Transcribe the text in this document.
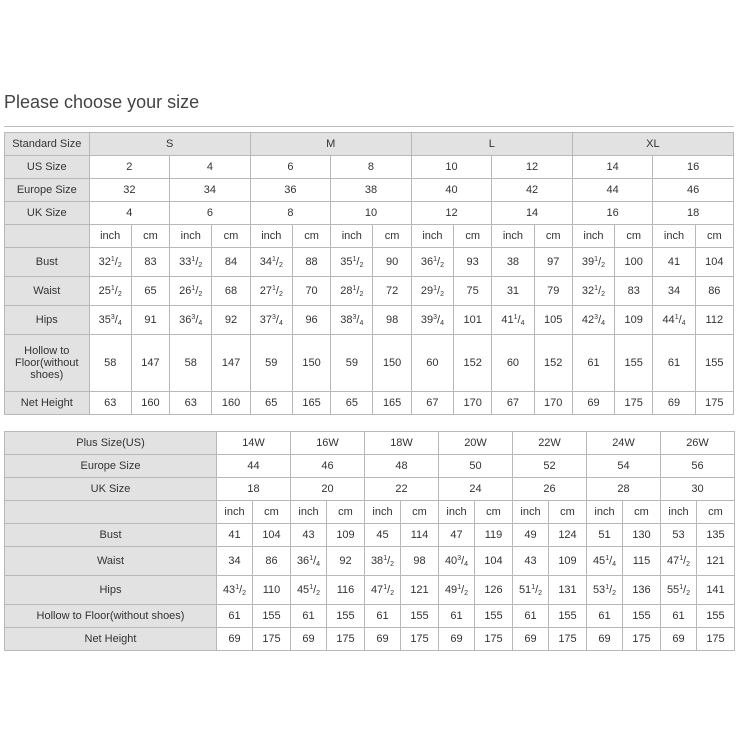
Please choose your size
Standard Size	S				M				L				XL			
US Size	2		4		6		8		10		12		14		16	
Europe Size	32		34		36		38		40		42		44		46	
UK Size	4		6		8		10		12		14		16		18	
	inch	cm	inch	cm	inch	cm	inch	cm	inch	cm	inch	cm	inch	cm	inch	cm
Bust	$32^1/_2$	83	$33^1/_2$	84	$34^1/_2$	88	$35^1/_2$	90	$36^1/_2$	93	38	97	$39^1/_2$	100	41	104
Waist	$25^1/_2$	65	$26^1/_2$	68	$27^1/_2$	70	$28^1/_2$	72	$29^1/_2$	75	31	79	$32^1/_2$	83	34	86
Hips	$35^3/_4$	91	$36^3/_4$	92	$37^3/_4$	96	$38^3/_4$	98	$39^3/_4$	101	$41^1/_4$	105	$42^3/_4$	109	$44^1/_4$	112
Hollow to Floor(without shoes)	58	147	58	147	59	150	59	150	60	152	60	152	61	155	61	155
Net Height	63	160	63	160	65	165	65	165	67	170	67	170	69	175	69	175
Plus Size(US)	14W		16W		18W		20W		22W		24W		26W	
Europe Size	44		46		48		50		52		54		56	
UK Size	18		20		22		24		26		28		30	
	inch	cm	inch	cm	inch	cm	inch	cm	inch	cm	inch	cm	inch	cm
Bust	41	104	43	109	45	114	47	119	49	124	51	130	53	135
Waist	34	86	$36^1/_4$	92	$38^1/_2$	98	$40^3/_4$	104	43	109	$45^1/_4$	115	$47^1/_2$	121
Hips	$43^1/_2$	110	$45^1/_2$	116	$47^1/_2$	121	$49^1/_2$	126	$51^1/_2$	131	$53^1/_2$	136	$55^1/_2$	141
Hollow to Floor(without shoes)	61	155	61	155	61	155	61	155	61	155	61	155	61	155
Net Height	69	175	69	175	69	175	69	175	69	175	69	175	69	175
